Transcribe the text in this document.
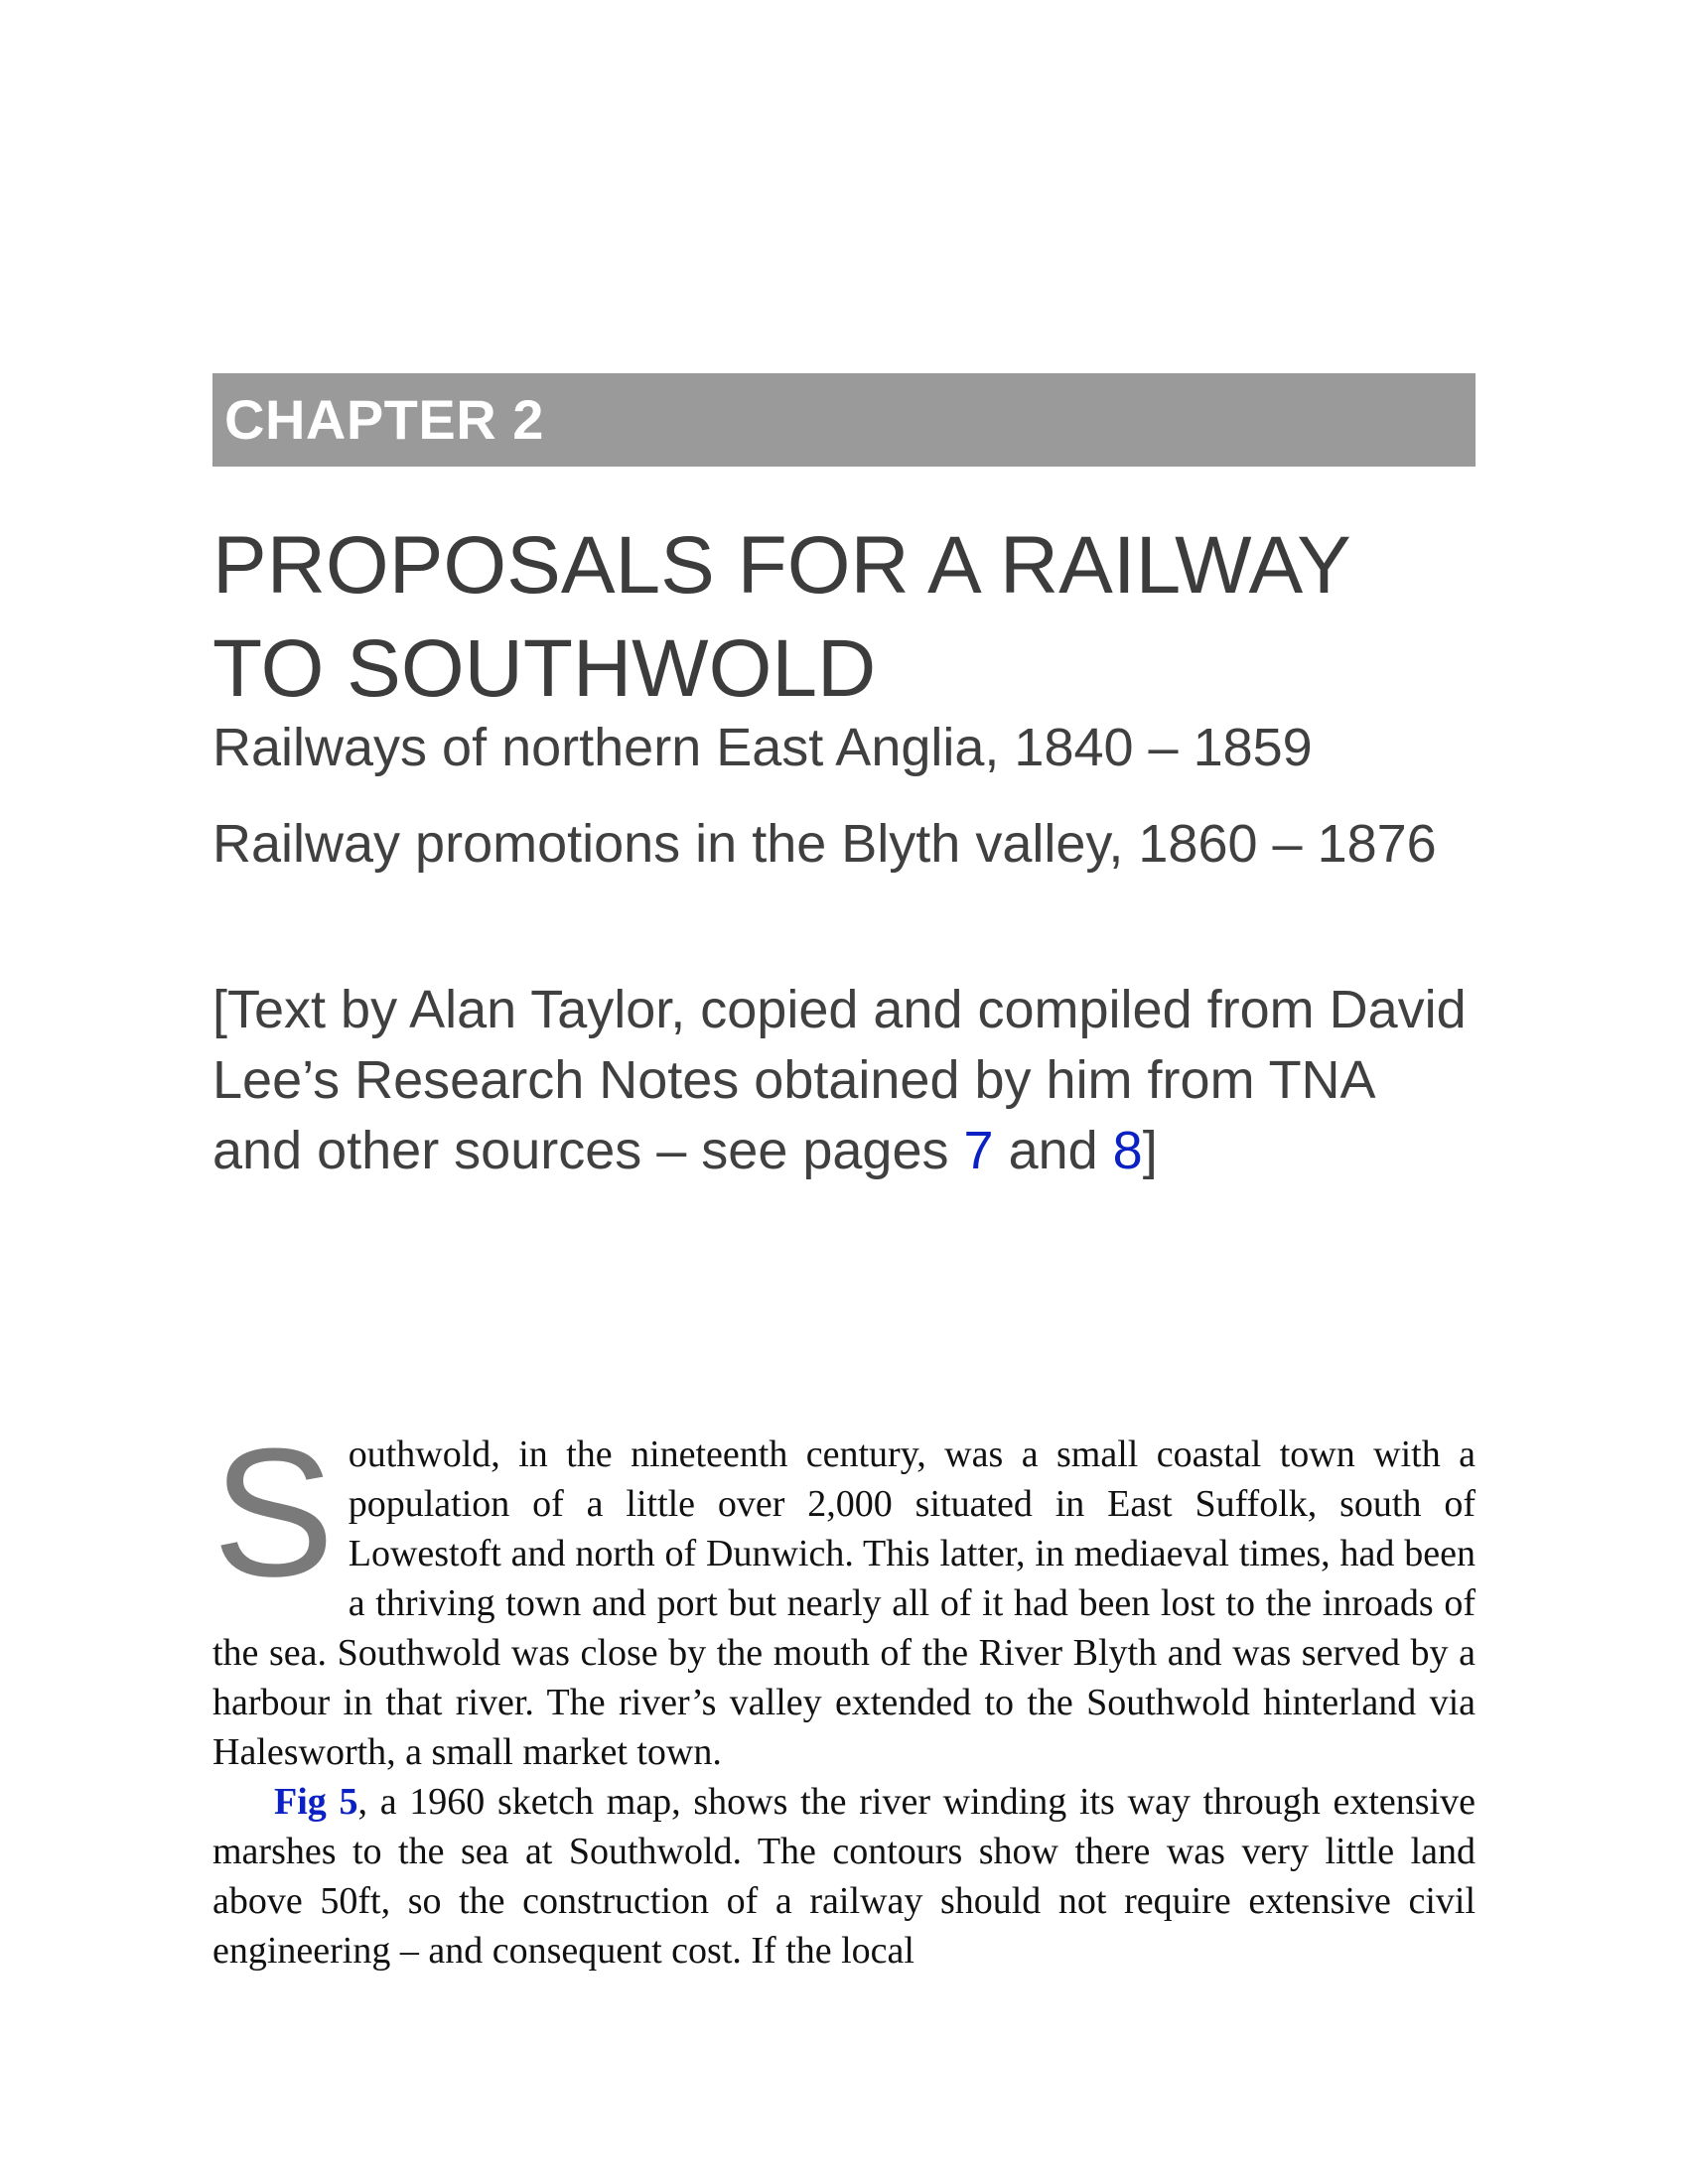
CHAPTER 2
PROPOSALS FOR A RAILWAY TO SOUTHWOLD

Railways of northern East Anglia, 1840 – 1859

Railway promotions in the Blyth valley, 1860 – 1876

[Text by Alan Taylor, copied and compiled from David Lee’s Research Notes obtained by him from TNA and other sources – see pages 7 and 8]

Southwold, in the nineteenth century, was a small coastal town with a population of a little over 2,000 situated in East Suffolk, south of Lowestoft and north of Dunwich. This latter, in mediaeval times, had been a thriving town and port but nearly all of it had been lost to the inroads of the sea. Southwold was close by the mouth of the River Blyth and was served by a harbour in that river. The river’s valley extended to the Southwold hinterland via Halesworth, a small market town.

Fig 5, a 1960 sketch map, shows the river winding its way through extensive marshes to the sea at Southwold. The contours show there was very little land above 50ft, so the construction of a railway should not require extensive civil engineering – and consequent cost. If the local
